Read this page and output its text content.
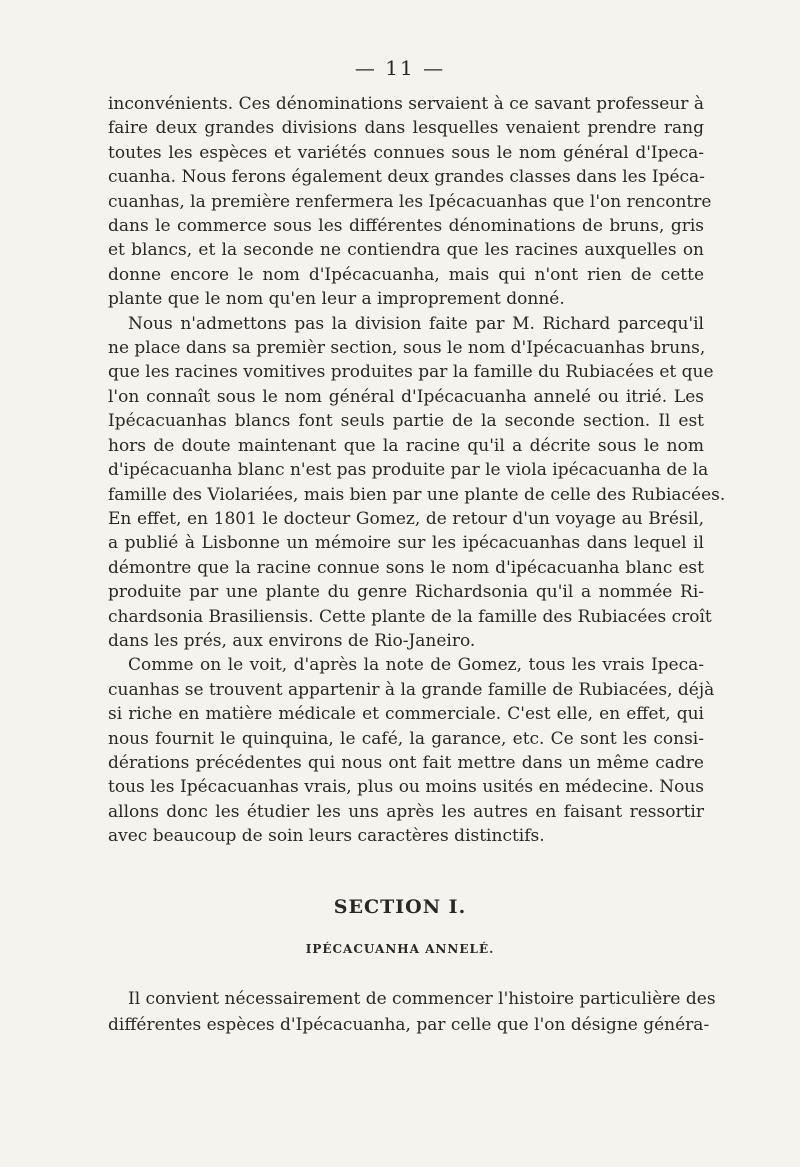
— 11 —
inconvénients. Ces dénominations servaient à ce savant professeur à
faire deux grandes divisions dans lesquelles venaient prendre rang
toutes les espèces et variétés connues sous le nom général d'Ipeca-
cuanha. Nous ferons également deux grandes classes dans les Ipéca-
cuanhas, la première renfermera les Ipécacuanhas que l'on rencontre
dans le commerce sous les différentes dénominations de bruns, gris
et blancs, et la seconde ne contiendra que les racines auxquelles on
donne encore le nom d'Ipécacuanha, mais qui n'ont rien de cette
plante que le nom qu'en leur a improprement donné.
Nous n'admettons pas la division faite par M. Richard parcequ'il
ne place dans sa premièr section, sous le nom d'Ipécacuanhas bruns,
que les racines vomitives produites par la famille du Rubiacées et que
l'on connaît sous le nom général d'Ipécacuanha annelé ou itrié. Les
Ipécacuanhas blancs font seuls partie de la seconde section. Il est
hors de doute maintenant que la racine qu'il a décrite sous le nom
d'ipécacuanha blanc n'est pas produite par le viola ipécacuanha de la
famille des Violariées, mais bien par une plante de celle des Rubiacées.
En effet, en 1801 le docteur Gomez, de retour d'un voyage au Brésil,
a publié à Lisbonne un mémoire sur les ipécacuanhas dans lequel il
démontre que la racine connue sons le nom d'ipécacuanha blanc est
produite par une plante du genre Richardsonia qu'il a nommée Ri-
chardsonia Brasiliensis. Cette plante de la famille des Rubiacées croît
dans les prés, aux environs de Rio-Janeiro.
Comme on le voit, d'après la note de Gomez, tous les vrais Ipeca-
cuanhas se trouvent appartenir à la grande famille de Rubiacées, déjà
si riche en matière médicale et commerciale. C'est elle, en effet, qui
nous fournit le quinquina, le café, la garance, etc. Ce sont les consi-
dérations précédentes qui nous ont fait mettre dans un même cadre
tous les Ipécacuanhas vrais, plus ou moins usités en médecine. Nous
allons donc les étudier les uns après les autres en faisant ressortir
avec beaucoup de soin leurs caractères distinctifs.
SECTION I.
IPÉCACUANHA ANNELÉ.
Il convient nécessairement de commencer l'histoire particulière des
différentes espèces d'Ipécacuanha, par celle que l'on désigne généra-
